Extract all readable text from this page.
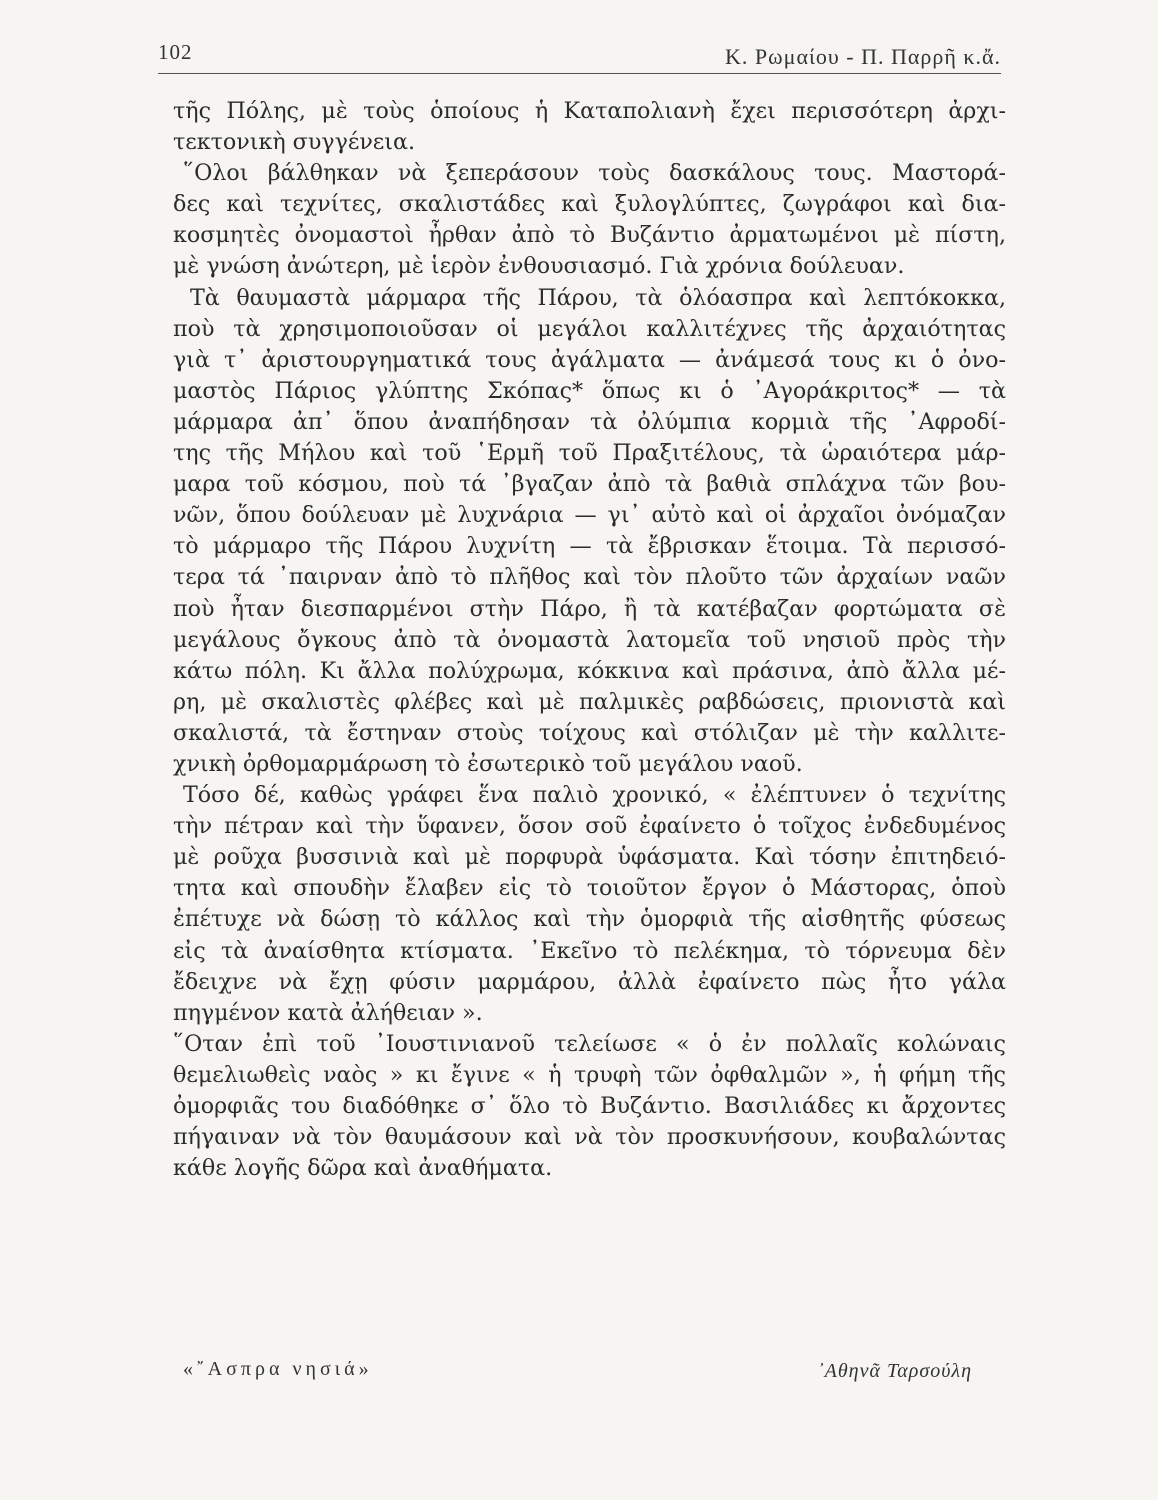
102	Κ. Ρωμαίου - Π. Παρρῆ κ.ἄ.
τῆς Πόλης, μὲ τοὺς ὁποίους ἡ Καταπολιανὴ ἔχει περισσότερη ἀρχι-
τεκτονικὴ συγγένεια.
῞Ολοι βάλθηκαν νὰ ξεπεράσουν τοὺς δασκάλους τους. Μαστορά-
δες καὶ τεχνίτες, σκαλιστάδες καὶ ξυλογλύπτες, ζωγράφοι καὶ δια-
κοσμητὲς ὀνομαστοὶ ἦρθαν ἀπὸ τὸ Βυζάντιο ἀρματωμένοι μὲ πίστη,
μὲ γνώση ἀνώτερη, μὲ ἱερὸν ἐνθουσιασμό. Γιὰ χρόνια δούλευαν.
Τὰ θαυμαστὰ μάρμαρα τῆς Πάρου, τὰ ὁλόασπρα καὶ λεπτόκοκκα,
ποὺ τὰ χρησιμοποιοῦσαν οἱ μεγάλοι καλλιτέχνες τῆς ἀρχαιότητας
γιὰ τ᾽ ἀριστουργηματικά τους ἀγάλματα — ἀνάμεσά τους κι ὁ ὀνο-
μαστὸς Πάριος γλύπτης Σκόπας* ὅπως κι ὁ ᾽Αγοράκριτος* — τὰ
μάρμαρα ἀπ᾽ ὅπου ἀναπήδησαν τὰ ὀλύμπια κορμιὰ τῆς ᾽Αφροδί-
της τῆς Μήλου καὶ τοῦ ῾Ερμῆ τοῦ Πραξιτέλους, τὰ ὡραιότερα μάρ-
μαρα τοῦ κόσμου, ποὺ τά ᾽βγαζαν ἀπὸ τὰ βαθιὰ σπλάχνα τῶν βου-
νῶν, ὅπου δούλευαν μὲ λυχνάρια — γι᾽ αὐτὸ καὶ οἱ ἀρχαῖοι ὀνόμαζαν
τὸ μάρμαρο τῆς Πάρου λυχνίτη — τὰ ἔβρισκαν ἕτοιμα. Τὰ περισσό-
τερα τά ᾽παιρναν ἀπὸ τὸ πλῆθος καὶ τὸν πλοῦτο τῶν ἀρχαίων ναῶν
ποὺ ἦταν διεσπαρμένοι στὴν Πάρο, ἢ τὰ κατέβαζαν φορτώματα σὲ
μεγάλους ὄγκους ἀπὸ τὰ ὀνομαστὰ λατομεῖα τοῦ νησιοῦ πρὸς τὴν
κάτω πόλη. Κι ἄλλα πολύχρωμα, κόκκινα καὶ πράσινα, ἀπὸ ἄλλα μέ-
ρη, μὲ σκαλιστὲς φλέβες καὶ μὲ παλμικὲς ραβδώσεις, πριονιστὰ καὶ
σκαλιστά, τὰ ἔστηναν στοὺς τοίχους καὶ στόλιζαν μὲ τὴν καλλιτε-
χνικὴ ὀρθομαρμάρωση τὸ ἐσωτερικὸ τοῦ μεγάλου ναοῦ.
Τόσο δέ, καθὼς γράφει ἕνα παλιὸ χρονικό, « ἐλέπτυνεν ὁ τεχνίτης
τὴν πέτραν καὶ τὴν ὕφανεν, ὅσον σοῦ ἐφαίνετο ὁ τοῖχος ἐνδεδυμένος
μὲ ροῦχα βυσσινιὰ καὶ μὲ πορφυρὰ ὑφάσματα. Καὶ τόσην ἐπιτηδειό-
τητα καὶ σπουδὴν ἔλαβεν εἰς τὸ τοιοῦτον ἔργον ὁ Μάστορας, ὁποὺ
ἐπέτυχε νὰ δώσῃ τὸ κάλλος καὶ τὴν ὁμορφιὰ τῆς αἰσθητῆς φύσεως
εἰς τὰ ἀναίσθητα κτίσματα. ᾽Εκεῖνο τὸ πελέκημα, τὸ τόρνευμα δὲν
ἔδειχνε νὰ ἔχῃ φύσιν μαρμάρου, ἀλλὰ ἐφαίνετο πὼς ἦτο γάλα
πηγμένον κατὰ ἀλήθειαν ».
῞Οταν ἐπὶ τοῦ ᾽Ιουστινιανοῦ τελείωσε « ὁ ἐν πολλαῖς κολώναις
θεμελιωθεὶς ναὸς » κι ἔγινε « ἡ τρυφὴ τῶν ὀφθαλμῶν », ἡ φήμη τῆς
ὀμορφιᾶς του διαδόθηκε σ᾽ ὅλο τὸ Βυζάντιο. Βασιλιάδες κι ἄρχοντες
πήγαιναν νὰ τὸν θαυμάσουν καὶ νὰ τὸν προσκυνήσουν, κουβαλώντας
κάθε λογῆς δῶρα καὶ ἀναθήματα.
«῎Ασπρα νησιά»	᾽Αθηνᾶ Ταρσούλη
